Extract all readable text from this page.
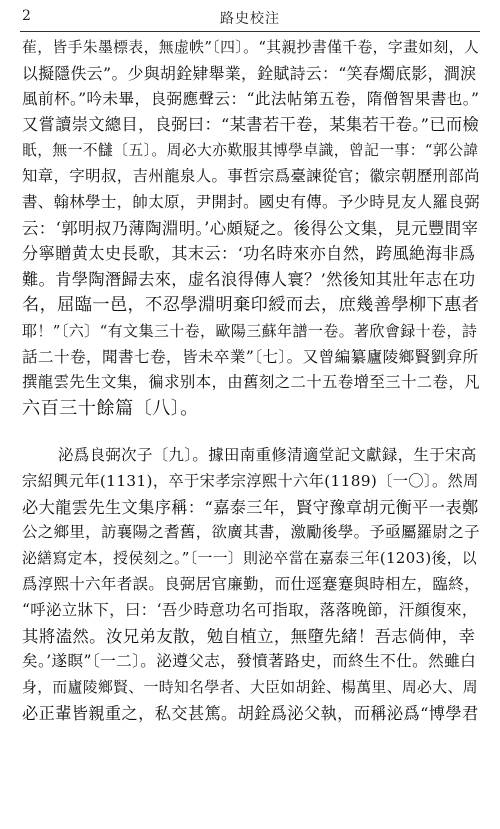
2	路史校注
萑，皆手朱墨標表，無虚帙”〔四〕。“其親抄書僅千卷，字畫如刻，人
以擬隱佚云”。少與胡銓肄舉業，銓賦詩云：“笑春燭底影，澗淚
風前杯。”吟未畢，良弼應聲云：“此法帖第五卷，隋僧智果書也。”
又嘗讀崇文總目，良弼曰：“某書若干卷，某集若干卷。”已而檢
眂，無一不讎〔五〕。周必大亦歎服其博學卓識，曾記一事：“郭公諱
知章，字明叔，吉州龍泉人。事哲宗爲臺諫從官；徽宗朝歷刑部尚
書、翰林學士，帥太原，尹開封。國史有傳。予少時見友人羅良弼
云：‘郭明叔乃薄陶淵明。’心頗疑之。後得公文集，見元豐間宰
分寧贈黄太史長歌，其末云：‘功名時來亦自然，跨風絶海非爲
難。肯學陶潛歸去來，虚名浪得傳人寰？’然後知其壯年志在功
名，屈臨一邑，不忍學淵明棄印綬而去，庶幾善學柳下惠者
耶！”〔六〕“有文集三十卷，歐陽三蘇年譜一卷。著欣會録十卷，詩
話二十卷，聞書七卷，皆未卒業”〔七〕。又曾編纂廬陵鄉賢劉弇所
撰龍雲先生文集，徧求别本，由舊刻之二十五卷增至三十二卷，凡
六百三十餘篇〔八〕。
泌爲良弼次子〔九〕。據田南重修清適堂記文獻録，生于宋高
宗紹興元年(1131)，卒于宋孝宗淳熙十六年(1189)〔一〇〕。然周
必大龍雲先生文集序稱：“嘉泰三年，賢守豫章胡元衡平一表鄭
公之鄉里，訪襄陽之耆舊，欲廣其書，激勵後學。予亟屬羅尉之子
泌繕寫定本，授侯刻之。”〔一一〕則泌卒當在嘉泰三年(1203)後，以
爲淳熙十六年者誤。良弼居官廉勤，而仕逕蹇蹇與時相左，臨終，
“呼泌立牀下，曰：‘吾少時意功名可指取，落落晚節，汗顔復來，
其將溘然。汝兄弟友散，勉自植立，無墮先緒！吾志倘伸，幸
矣。’遂瞑”〔一二〕。泌遵父志，發憤著路史，而終生不仕。然雖白
身，而廬陵鄉賢、一時知名學者、大臣如胡銓、楊萬里、周必大、周
必正輩皆親重之，私交甚篤。胡銓爲泌父執，而稱泌爲“博學君
